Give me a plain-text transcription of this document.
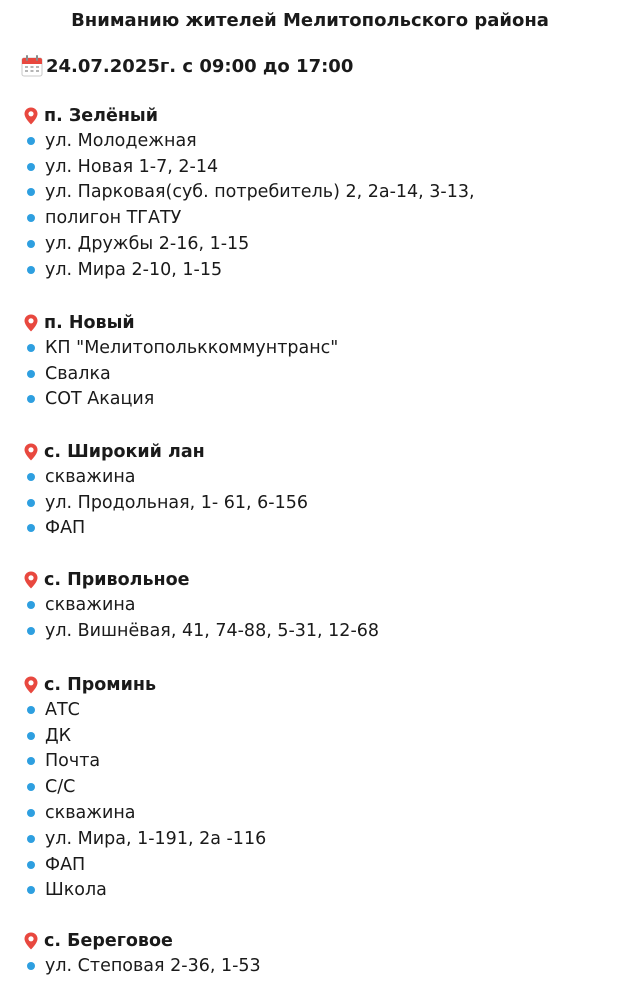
Вниманию жителей Мелитопольского района
24.07.2025г. с 09:00 до 17:00
п. Зелёный
ул. Молодежная
ул. Новая 1-7, 2-14
ул. Парковая(суб. потребитель) 2, 2а-14, 3-13,
полигон ТГАТУ
ул. Дружбы 2-16, 1-15
ул. Мира 2-10, 1-15
п. Новый
КП "Мелитопольккоммунтранс"
Свалка
СОТ Акация
с. Широкий лан
скважина
ул. Продольная, 1- 61, 6-156
ФАП
с. Привольное
скважина
ул. Вишнёвая, 41, 74-88, 5-31, 12-68
с. Проминь
АТС
ДК
Почта
С/С
скважина
ул. Мира, 1-191, 2а -116
ФАП
Школа
с. Береговое
ул. Степовая 2-36, 1-53
